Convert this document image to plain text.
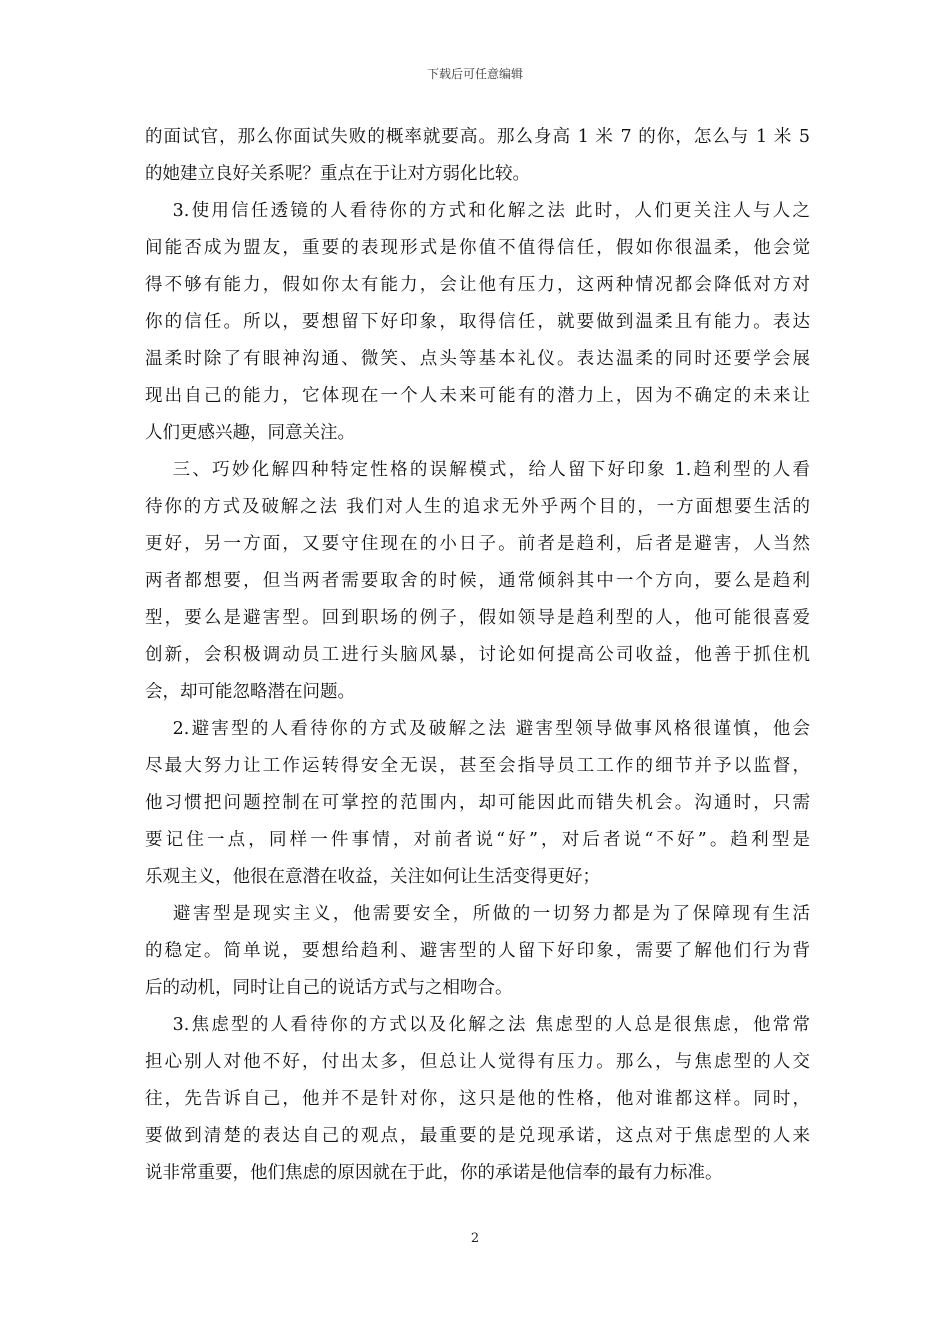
下载后可任意编辑
的面试官，那么你面试失败的概率就要高。那么身高 1 米 7 的你，怎么与 1 米 5
的她建立良好关系呢？重点在于让对方弱化比较。
　 3.使用信任透镜的人看待你的方式和化解之法 此时，人们更关注人与人之
间能否成为盟友，重要的表现形式是你值不值得信任，假如你很温柔，他会觉
得不够有能力，假如你太有能力，会让他有压力，这两种情况都会降低对方对
你的信任。所以，要想留下好印象，取得信任，就要做到温柔且有能力。表达
温柔时除了有眼神沟通、微笑、点头等基本礼仪。表达温柔的同时还要学会展
现出自己的能力，它体现在一个人未来可能有的潜力上，因为不确定的未来让
人们更感兴趣，同意关注。
　 三、巧妙化解四种特定性格的误解模式，给人留下好印象 1.趋利型的人看
待你的方式及破解之法 我们对人生的追求无外乎两个目的，一方面想要生活的
更好，另一方面，又要守住现在的小日子。前者是趋利，后者是避害，人当然
两者都想要，但当两者需要取舍的时候，通常倾斜其中一个方向，要么是趋利
型，要么是避害型。回到职场的例子，假如领导是趋利型的人，他可能很喜爱
创新，会积极调动员工进行头脑风暴，讨论如何提高公司收益，他善于抓住机
会，却可能忽略潜在问题。
　 2.避害型的人看待你的方式及破解之法 避害型领导做事风格很谨慎，他会
尽最大努力让工作运转得安全无误，甚至会指导员工工作的细节并予以监督，
他习惯把问题控制在可掌控的范围内，却可能因此而错失机会。沟通时，只需
要记住一点，同样一件事情，对前者说“好”，对后者说“不好”。趋利型是
乐观主义，他很在意潜在收益，关注如何让生活变得更好；
　 避害型是现实主义，他需要安全，所做的一切努力都是为了保障现有生活
的稳定。简单说，要想给趋利、避害型的人留下好印象，需要了解他们行为背
后的动机，同时让自己的说话方式与之相吻合。
　 3.焦虑型的人看待你的方式以及化解之法 焦虑型的人总是很焦虑，他常常
担心别人对他不好，付出太多，但总让人觉得有压力。那么，与焦虑型的人交
往，先告诉自己，他并不是针对你，这只是他的性格，他对谁都这样。同时，
要做到清楚的表达自己的观点，最重要的是兑现承诺，这点对于焦虑型的人来
说非常重要，他们焦虑的原因就在于此，你的承诺是他信奉的最有力标准。
2
